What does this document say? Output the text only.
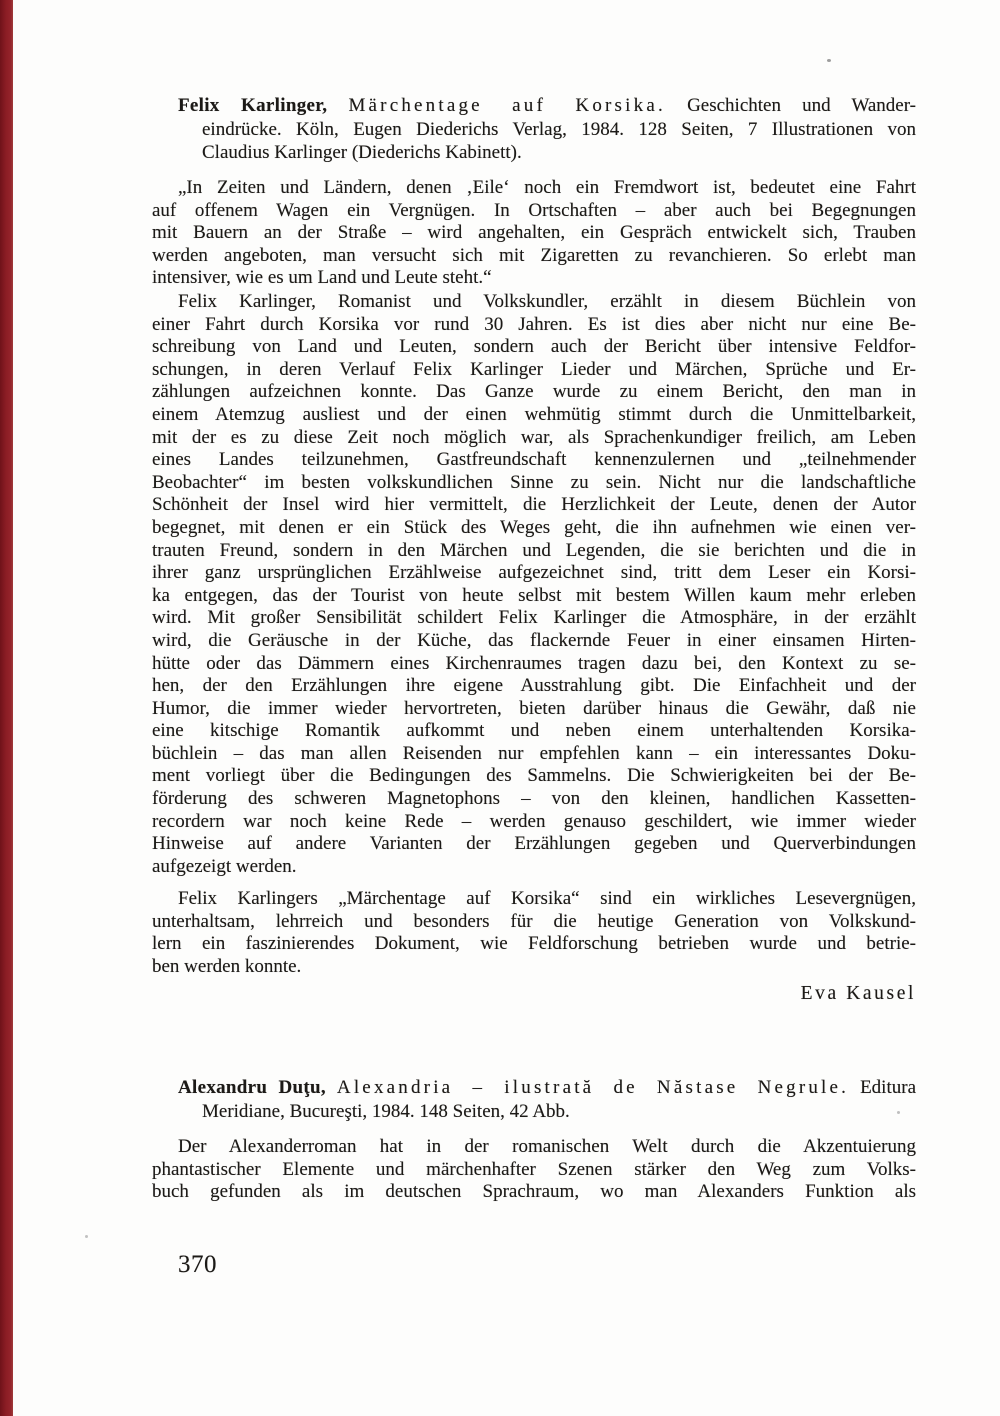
Felix Karlinger, Märchentage auf Korsika. Geschichten und Wander-
eindrücke. Köln, Eugen Diederichs Verlag, 1984. 128 Seiten, 7 Illustrationen von
Claudius Karlinger (Diederichs Kabinett).
„In Zeiten und Ländern, denen ‚Eile‘ noch ein Fremdwort ist, bedeutet eine Fahrt
auf offenem Wagen ein Vergnügen. In Ortschaften – aber auch bei Begegnungen
mit Bauern an der Straße – wird angehalten, ein Gespräch entwickelt sich, Trauben
werden angeboten, man versucht sich mit Zigaretten zu revanchieren. So erlebt man
intensiver, wie es um Land und Leute steht.“
Felix Karlinger, Romanist und Volkskundler, erzählt in diesem Büchlein von
einer Fahrt durch Korsika vor rund 30 Jahren. Es ist dies aber nicht nur eine Be-
schreibung von Land und Leuten, sondern auch der Bericht über intensive Feldfor-
schungen, in deren Verlauf Felix Karlinger Lieder und Märchen, Sprüche und Er-
zählungen aufzeichnen konnte. Das Ganze wurde zu einem Bericht, den man in
einem Atemzug ausliest und der einen wehmütig stimmt durch die Unmittelbarkeit,
mit der es zu diese Zeit noch möglich war, als Sprachenkundiger freilich, am Leben
eines Landes teilzunehmen, Gastfreundschaft kennenzulernen und „teilnehmender
Beobachter“ im besten volkskundlichen Sinne zu sein. Nicht nur die landschaftliche
Schönheit der Insel wird hier vermittelt, die Herzlichkeit der Leute, denen der Autor
begegnet, mit denen er ein Stück des Weges geht, die ihn aufnehmen wie einen ver-
trauten Freund, sondern in den Märchen und Legenden, die sie berichten und die in
ihrer ganz ursprünglichen Erzählweise aufgezeichnet sind, tritt dem Leser ein Korsi-
ka entgegen, das der Tourist von heute selbst mit bestem Willen kaum mehr erleben
wird. Mit großer Sensibilität schildert Felix Karlinger die Atmosphäre, in der erzählt
wird, die Geräusche in der Küche, das flackernde Feuer in einer einsamen Hirten-
hütte oder das Dämmern eines Kirchenraumes tragen dazu bei, den Kontext zu se-
hen, der den Erzählungen ihre eigene Ausstrahlung gibt. Die Einfachheit und der
Humor, die immer wieder hervortreten, bieten darüber hinaus die Gewähr, daß nie
eine kitschige Romantik aufkommt und neben einem unterhaltenden Korsika-
büchlein – das man allen Reisenden nur empfehlen kann – ein interessantes Doku-
ment vorliegt über die Bedingungen des Sammelns. Die Schwierigkeiten bei der Be-
förderung des schweren Magnetophons – von den kleinen, handlichen Kassetten-
recordern war noch keine Rede – werden genauso geschildert, wie immer wieder
Hinweise auf andere Varianten der Erzählungen gegeben und Querverbindungen
aufgezeigt werden.
Felix Karlingers „Märchentage auf Korsika“ sind ein wirkliches Lesevergnügen,
unterhaltsam, lehrreich und besonders für die heutige Generation von Volkskund-
lern ein faszinierendes Dokument, wie Feldforschung betrieben wurde und betrie-
ben werden konnte.
Eva Kausel
Alexandru Duţu, Alexandria – ilustrată de Năstase Negrule. Editura
Meridiane, Bucureşti, 1984. 148 Seiten, 42 Abb.
Der Alexanderroman hat in der romanischen Welt durch die Akzentuierung
phantastischer Elemente und märchenhafter Szenen stärker den Weg zum Volks-
buch gefunden als im deutschen Sprachraum, wo man Alexanders Funktion als
370
